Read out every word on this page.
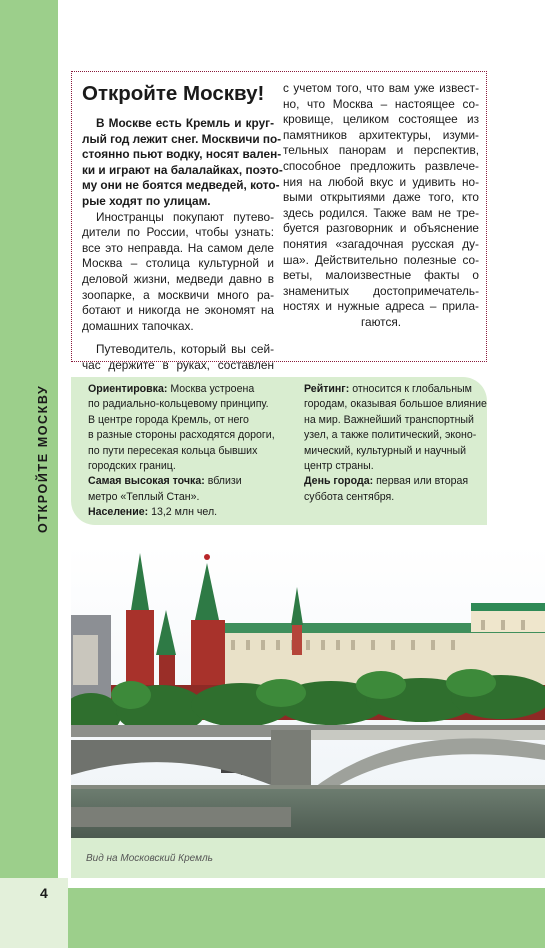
ОТКРОЙТЕ МОСКВУ
4
Откройте Москву!
В Москве есть Кремль и круг-
лый год лежит снег. Москвичи по-
стоянно пьют водку, носят вален-
ки и играют на балалайках, поэто-
му они не боятся медведей, кото-
рые ходят по улицам.
Иностранцы покупают путево-
дители по России, чтобы узнать:
все это неправда. На самом деле
Москва – столица культурной и
деловой жизни, медведи давно в
зоопарке, а москвичи много ра-
ботают и никогда не экономят на
домашних тапочках.
Путеводитель, который вы сей-
час держите в руках, составлен
с учетом того, что вам уже извест-
но, что Москва – настоящее со-
кровище, целиком состоящее из
памятников архитектуры, изуми-
тельных панорам и перспектив,
способное предложить развлече-
ния на любой вкус и удивить но-
выми открытиями даже того, кто
здесь родился. Также вам не тре-
буется разговорник и объяснение
понятия «загадочная русская ду-
ша». Действительно полезные со-
веты, малоизвестные факты о
знаменитых достопримечатель-
ностях и нужные адреса – прила-
гаются.
Ориентировка: Москва устроена
по радиально-кольцевому принципу.
В центре города Кремль, от него
в разные стороны расходятся дороги,
по пути пересекая кольца бывших
городских границ.
Самая высокая точка: вблизи
метро «Теплый Стан».
Население: 13,2 млн чел.
Рейтинг: относится к глобальным
городам, оказывая большое влияние
на мир. Важнейший транспортный
узел, а также политический, эконо-
мический, культурный и научный
центр страны.
День города: первая или вторая
суббота сентября.
Вид на Московский Кремль
